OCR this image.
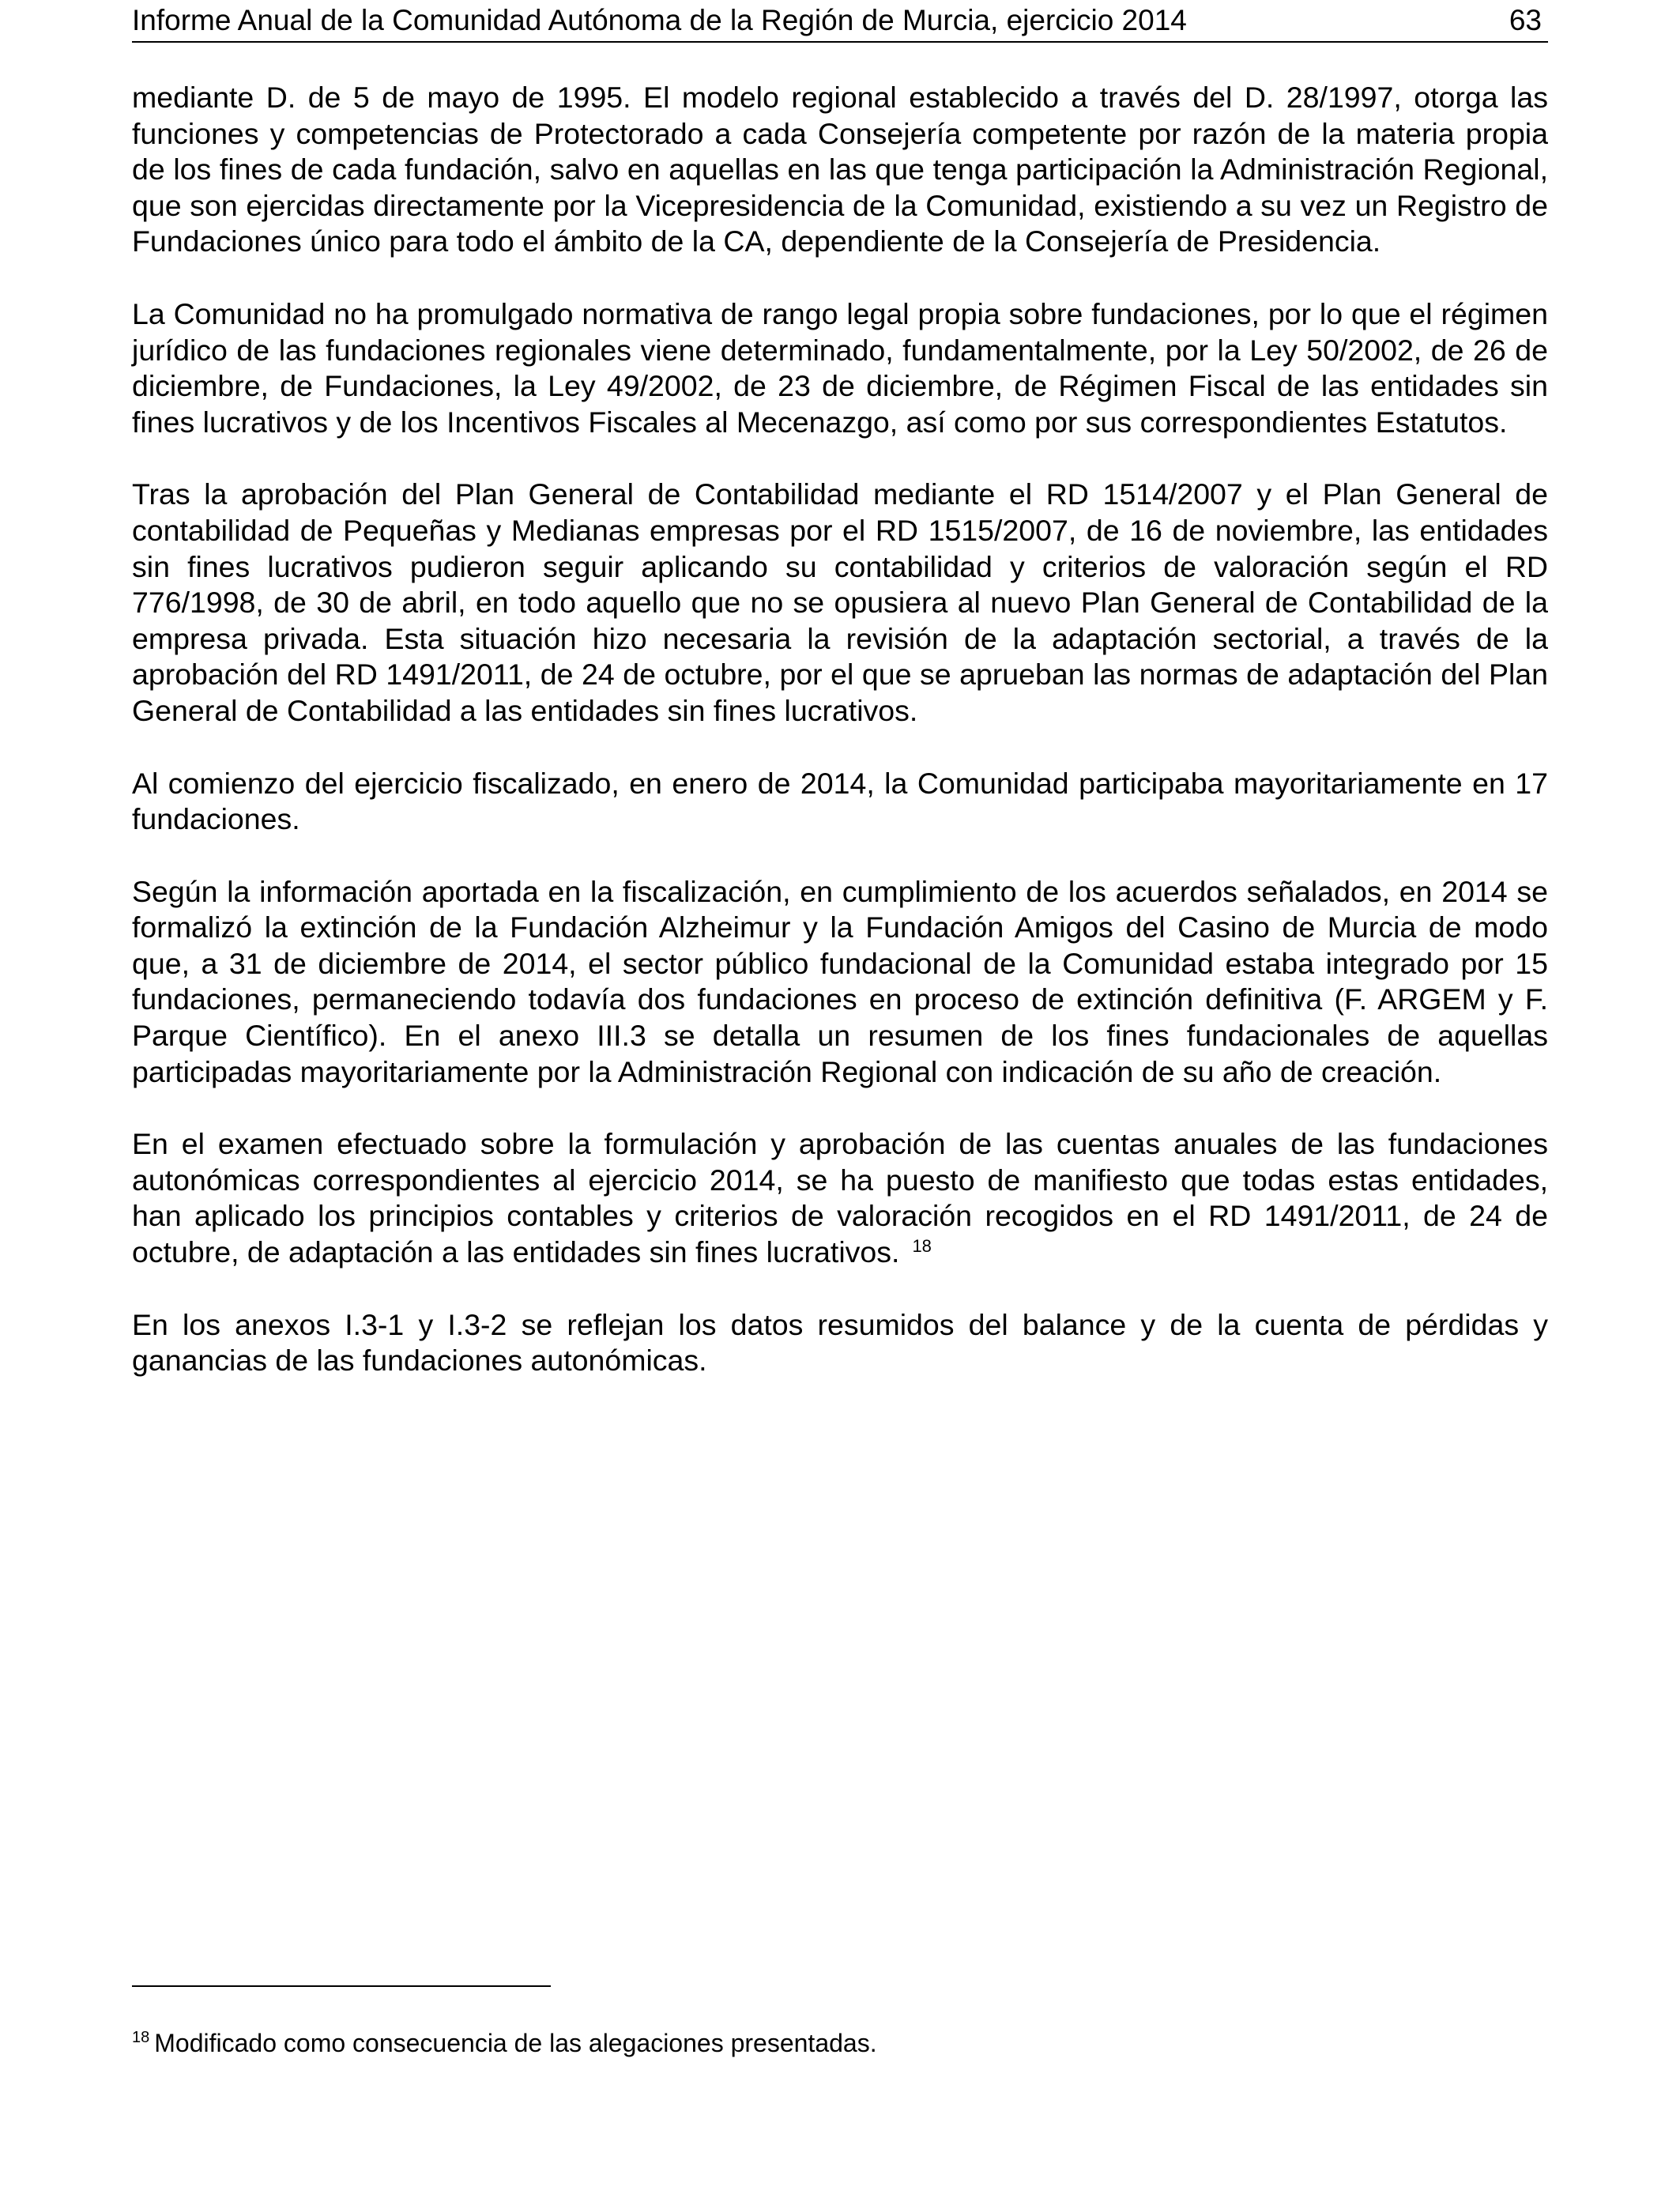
Informe Anual de la Comunidad Autónoma de la Región de Murcia, ejercicio 2014	63

mediante D. de 5 de mayo de 1995. El modelo regional establecido a través del D. 28/1997, otorga las funciones y competencias de Protectorado a cada Consejería competente por razón de la materia propia de los fines de cada fundación, salvo en aquellas en las que tenga participación la Administración Regional, que son ejercidas directamente por la Vicepresidencia de la Comunidad, existiendo a su vez un Registro de Fundaciones único para todo el ámbito de la CA, dependiente de la Consejería de Presidencia.

La Comunidad no ha promulgado normativa de rango legal propia sobre fundaciones, por lo que el régimen jurídico de las fundaciones regionales viene determinado, fundamentalmente, por la Ley 50/2002, de 26 de diciembre, de Fundaciones, la Ley 49/2002, de 23 de diciembre, de Régimen Fiscal de las entidades sin fines lucrativos y de los Incentivos Fiscales al Mecenazgo, así como por sus correspondientes Estatutos.

Tras la aprobación del Plan General de Contabilidad mediante el RD 1514/2007 y el Plan General de contabilidad de Pequeñas y Medianas empresas por el RD 1515/2007, de 16 de noviembre, las entidades sin fines lucrativos pudieron seguir aplicando su contabilidad y criterios de valoración según el RD 776/1998, de 30 de abril, en todo aquello que no se opusiera al nuevo Plan General de Contabilidad de la empresa privada. Esta situación hizo necesaria la revisión de la adaptación sectorial, a través de la aprobación del RD 1491/2011, de 24 de octubre, por el que se aprueban las normas de adaptación del Plan General de Contabilidad a las entidades sin fines lucrativos.

Al comienzo del ejercicio fiscalizado, en enero de 2014, la Comunidad participaba mayoritariamente en 17 fundaciones.

Según la información aportada en la fiscalización, en cumplimiento de los acuerdos señalados, en 2014 se formalizó la extinción de la Fundación Alzheimur y la Fundación Amigos del Casino de Murcia de modo que, a 31 de diciembre de 2014, el sector público fundacional de la Comunidad estaba integrado por 15 fundaciones, permaneciendo todavía dos fundaciones en proceso de extinción definitiva (F. ARGEM y F. Parque Científico). En el anexo III.3 se detalla un resumen de los fines fundacionales de aquellas participadas mayoritariamente por la Administración Regional con indicación de su año de creación.

En el examen efectuado sobre la formulación y aprobación de las cuentas anuales de las fundaciones autonómicas correspondientes al ejercicio 2014, se ha puesto de manifiesto que todas estas entidades, han aplicado los principios contables y criterios de valoración recogidos en el RD 1491/2011, de 24 de octubre, de adaptación a las entidades sin fines lucrativos. $^{18}$

En los anexos I.3-1 y I.3-2 se reflejan los datos resumidos del balance y de la cuenta de pérdidas y ganancias de las fundaciones autonómicas.

$^{18}$ Modificado como consecuencia de las alegaciones presentadas.
